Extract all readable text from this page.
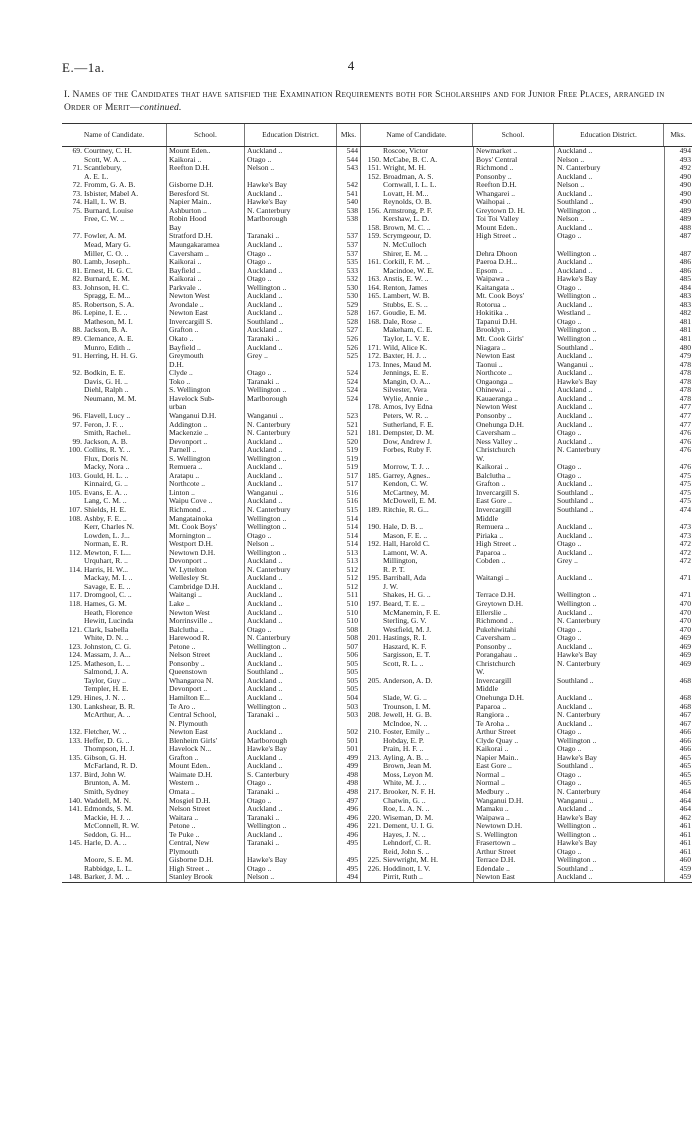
E.—1a.	4
I. Names of the Candidates that have satisfied the Examination Requirements both for Scholarships and for Junior Free Places, arranged in Order of Merit—continued.
Name of Candidate.	School.	Education District.	Mks.	Name of Candidate.	School.	Education District.	Mks.
69. Courtney, C. H.	Mount Eden..	Auckland ..	544
Scott, W. A. ..	Kaikorai ..	Otago ..	544
71. Scantlebury,	Reefton D.H.	Nelson ..	543
A. E. L.
72. Fromm, G. A. B.	Gisborne D.H.	Hawke's Bay	542
73. Isbister, Mabel A.	Beresford St.	Auckland ..	541
74. Hall, L. W. B.	Napier Main..	Hawke's Bay	540
75. Burnard, Louise	Ashburton ..	N. Canterbury	538
Free, C. W. ..	Robin Hood	Marlborough	538
Bay
77. Fowler, A. M.	Stratford D.H.	Taranaki ..	537
Mead, Mary G.	Maungakaramea	Auckland ..	537
Miller, C. O. ..	Caversham ..	Otago ..	537
80. Lamb, Joseph..	Kaikorai ..	Otago ..	535
81. Ernest, H. G. C.	Bayfield ..	Auckland ..	533
82. Burnard, E. M.	Kaikorai ..	Otago ..	532
83. Johnson, H. C.	Parkvale ..	Wellington ..	530
Spragg, E. M...	Newton West	Auckland ..	530
85. Robertson, S. A.	Avondale ..	Auckland ..	529
86. Lepine, I. E. ..	Newton East	Auckland ..	528
Matheson, M. I.	Invercargill S.	Southland ..	528
88. Jackson, B. A.	Grafton ..	Auckland ..	527
89. Clemance, A. E.	Okato ..	Taranaki ..	526
Munro, Edith ..	Bayfield ..	Auckland ..	526
91. Herring, H. H. G.	Greymouth	Grey ..	525
D.H.
92. Bodkin, E. E.	Clyde ..	Otago ..	524
Davis, G. H. ..	Toko ..	Taranaki ..	524
Diehl, Ralph ..	S. Wellington	Wellington ..	524
Neumann, M. M.	Havelock Sub-	Marlborough	524
urban
96. Flavell, Lucy ..	Wanganui D.H.	Wanganui ..	523
97. Feron, J. F. ..	Addington ..	N. Canterbury	521
Smith, Rachel..	Mackenzie ..	N. Canterbury	521
99. Jackson, A. B.	Devonport ..	Auckland ..	520
100. Collins, R. Y. ..	Parnell ..	Auckland ..	519
Flux, Doris N.	S. Wellington	Wellington ..	519
Macky, Nora ..	Remuera ..	Auckland ..	519
103. Gould, H. L. ..	Aratapu ..	Auckland ..	517
Kinnaird, G. ..	Northcote ..	Auckland ..	517
105. Evans, E. A. ..	Linton ..	Wanganui ..	516
Lang, C. M. ..	Waipu Cove ..	Auckland ..	516
107. Shields, H. E.	Richmond ..	N. Canterbury	515
108. Ashby, F. E. ..	Mangatainoka	Wellington ..	514
Kerr, Charles N.	Mt. Cook Boys'	Wellington ..	514
Lowden, L. J...	Mornington ..	Otago ..	514
Norman, E. R.	Westport D.H.	Nelson ..	514
112. Mewton, F. L...	Newtown D.H.	Wellington ..	513
Urquhart, R. ..	Devonport ..	Auckland ..	513
114. Harris, H. W...	W. Lyttelton	N. Canterbury	512
Mackay, M. I. ..	Wellesley St.	Auckland ..	512
Savage, E. E. ..	Cambridge D.H.	Auckland ..	512
117. Dromgool, C. ..	Waitangi ..	Auckland ..	511
118. Hames, G. M.	Lake ..	Auckland ..	510
Heath, Florence	Newton West	Auckland ..	510
Hewitt, Lucinda	Morrinsville ..	Auckland ..	510
121. Clark, Isabella	Balclutha ..	Otago ..	508
White, D. N. ..	Harewood R.	N. Canterbury	508
123. Johnston, C. G.	Petone ..	Wellington ..	507
124. Massam, J. A...	Nelson Street	Auckland ..	506
125. Matheson, L. ..	Ponsonby ..	Auckland ..	505
Salmond, J. A.	Queenstown	Southland ..	505
Taylor, Guy ..	Whangaroa N.	Auckland ..	505
Templer, H. E.	Devonport ..	Auckland ..	505
129. Hines, J. N. ..	Hamilton E...	Auckland ..	504
130. Lankshear, B. R.	Te Aro ..	Wellington ..	503
McArthur, A. ..	Central School,	Taranaki ..	503
N. Plymouth
132. Fletcher, W. ..	Newton East	Auckland ..	502
133. Heffer, D. G. ..	Blenheim Girls'	Marlborough	501
Thompson, H. J.	Havelock N...	Hawke's Bay	501
135. Gibson, G. H.	Grafton ..	Auckland ..	499
McFarland, R. D.	Mount Eden..	Auckland ..	499
137. Bird, John W.	Waimate D.H.	S. Canterbury	498
Brunton, A. M.	Western ..	Otago ..	498
Smith, Sydney	Omata ..	Taranaki ..	498
140. Waddell, M. N.	Mosgiel D.H.	Otago ..	497
141. Edmonds, S. M.	Nelson Street	Auckland ..	496
Mackie, H. J. ..	Waitara ..	Taranaki ..	496
McConnell, R. W.	Petone ..	Wellington ..	496
Seddon, G. H...	Te Puke ..	Auckland ..	496
145. Harle, D. A. ..	Central, New	Taranaki ..	495
Plymouth
Moore, S. E. M.	Gisborne D.H.	Hawke's Bay	495
Rabbidge, L. L.	High Street ..	Otago ..	495
148. Barker, J. M. ..	Stanley Brook	Nelson ..	494
Roscoe, Victor	Newmarket ..	Auckland ..	494
150. McCabe, B. C. A.	Boys' Central	Nelson ..	493
151. Wright, M. H.	Richmond ..	N. Canterbury	492
152. Broadman, A. S.	Ponsonby ..	Auckland ..	490
Cornwall, I. L. L.	Reefton D.H.	Nelson ..	490
Lovatt, H. M...	Whangarei ..	Auckland ..	490
Reynolds, O. B.	Waihopai ..	Southland ..	490
156. Armstrong, P. F.	Greytown D. H.	Wellington ..	489
Kershaw, L. D.	Toi Toi Valley	Nelson ..	489
158. Brown, M. C. ..	Mount Eden..	Auckland ..	488
159. Scrymgeour, D.	High Street ..	Otago ..	487
N. McCulloch
Shirer, E. M. ..	Dehra Dhoon	Wellington ..	487
161. Corkill, F. M. ..	Paeroa D.H...	Auckland ..	486
Macindoe, W. E.	Epsom ..	Auckland ..	486
163. Anstis, E. W. ..	Waipawa ..	Hawke's Bay	485
164. Renton, James	Kaitangata ..	Otago ..	484
165. Lambert, W. B.	Mt. Cook Boys'	Wellington ..	483
Stubbs, E. S. ..	Rotorua ..	Auckland ..	483
167. Goudie, E. M.	Hokitika ..	Westland ..	482
168. Dale, Rose ..	Tapanui D.H.	Otago ..	481
Makeham, C. E.	Brooklyn ..	Wellington ..	481
Taylor, L. V. E.	Mt. Cook Girls'	Wellington ..	481
171. Wild, Alice K.	Niagara ..	Southland ..	480
172. Baxter, H. J. ..	Newton East	Auckland ..	479
173. Innes, Maud M.	Taonui ..	Wanganui ..	478
Jennings, E. E.	Northcote ..	Auckland ..	478
Mangin, O. A...	Ongaonga ..	Hawke's Bay	478
Silvester, Vera	Ohinewai ..	Auckland ..	478
Wylie, Annie ..	Kauaeranga ..	Auckland ..	478
178. Amos, Ivy Edna	Newton West	Auckland ..	477
Peters, W. R. ..	Ponsonby ..	Auckland ..	477
Sutherland, F. E.	Onehunga D.H.	Auckland ..	477
181. Dempster, D. M.	Caversham ..	Otago ..	476
Dow, Andrew J.	Ness Valley ..	Auckland ..	476
Forbes, Ruby F.	Christchurch	N. Canterbury	476
W.
Morrow, T. J. ..	Kaikorai ..	Otago ..	476
185. Garrey, Agnes..	Balclutha ..	Otago ..	475
Kendon, C. W.	Grafton ..	Auckland ..	475
McCartney, M.	Invercargill S.	Southland ..	475
McDowell, E. M.	East Gore ..	Southland ..	475
189. Ritchie, R. G...	Invercargill	Southland ..	474
Middle
190. Hale, D. B. ..	Remuera ..	Auckland ..	473
Mason, F. E. ..	Piriaka ..	Auckland ..	473
192. Hall, Harold C.	High Street ..	Otago ..	472
Lamont, W. A.	Paparoa ..	Auckland ..	472
Millington,	Cobden ..	Grey ..	472
R. P. T.
195. Barriball, Ada	Waitangi ..	Auckland ..	471
J. W.
Shakes, H. G. ..	Terrace D.H.	Wellington ..	471
197. Beard, T. E. ..	Greytown D.H.	Wellington ..	470
McManemin, F. E.	Ellerslie ..	Auckland ..	470
Sterling, G. V.	Richmond ..	N. Canterbury	470
Westfield, M. J.	Pukehiwitahi	Otago ..	470
201. Hastings, R. I.	Caversham ..	Otago ..	469
Haszard, K. F.	Ponsonby ..	Auckland ..	469
Sargisson, E. T.	Porangahau ..	Hawke's Bay	469
Scott, R. L. ..	Christchurch	N. Canterbury	469
W.
205. Anderson, A. D.	Invercargill	Southland ..	468
Middle
Slade, W. G. ..	Onehunga D.H.	Auckland ..	468
Trounson, I. M.	Paparoa ..	Auckland ..	468
208. Jewell, H. G. B.	Rangiora ..	N. Canterbury	467
McIndoe, N. ..	Te Aroha ..	Auckland ..	467
210. Foster, Emily ..	Arthur Street	Otago ..	466
Hobday, E. P.	Clyde Quay ..	Wellington ..	466
Prain, H. F. ..	Kaikorai ..	Otago ..	466
213. Ayling, A. B. ..	Napier Main..	Hawke's Bay	465
Brown, Jean M.	East Gore ..	Southland ..	465
Moss, Leyon M.	Normal ..	Otago ..	465
White, M. J. ..	Normal ..	Otago ..	465
217. Brooker, N. F. H.	Medbury ..	N. Canterbury	464
Chatwin, G. ..	Wanganui D.H.	Wanganui ..	464
Roe, L. A. N. ..	Mamaku ..	Auckland ..	464
220. Wiseman, D. M.	Waipawa ..	Hawke's Bay	462
221. Dement, U. I. G.	Newtown D.H.	Wellington ..	461
Hayes, J. N. ..	S. Wellington	Wellington ..	461
Lehndorf, C. R.	Frasertown ..	Hawke's Bay	461
Reid, John S. ..	Arthur Street	Otago ..	461
225. Sievwright, M. H.	Terrace D.H.	Wellington ..	460
226. Hoddinott, I. V.	Edendale ..	Southland ..	459
Pirrit, Ruth ..	Newton East	Auckland ..	459
